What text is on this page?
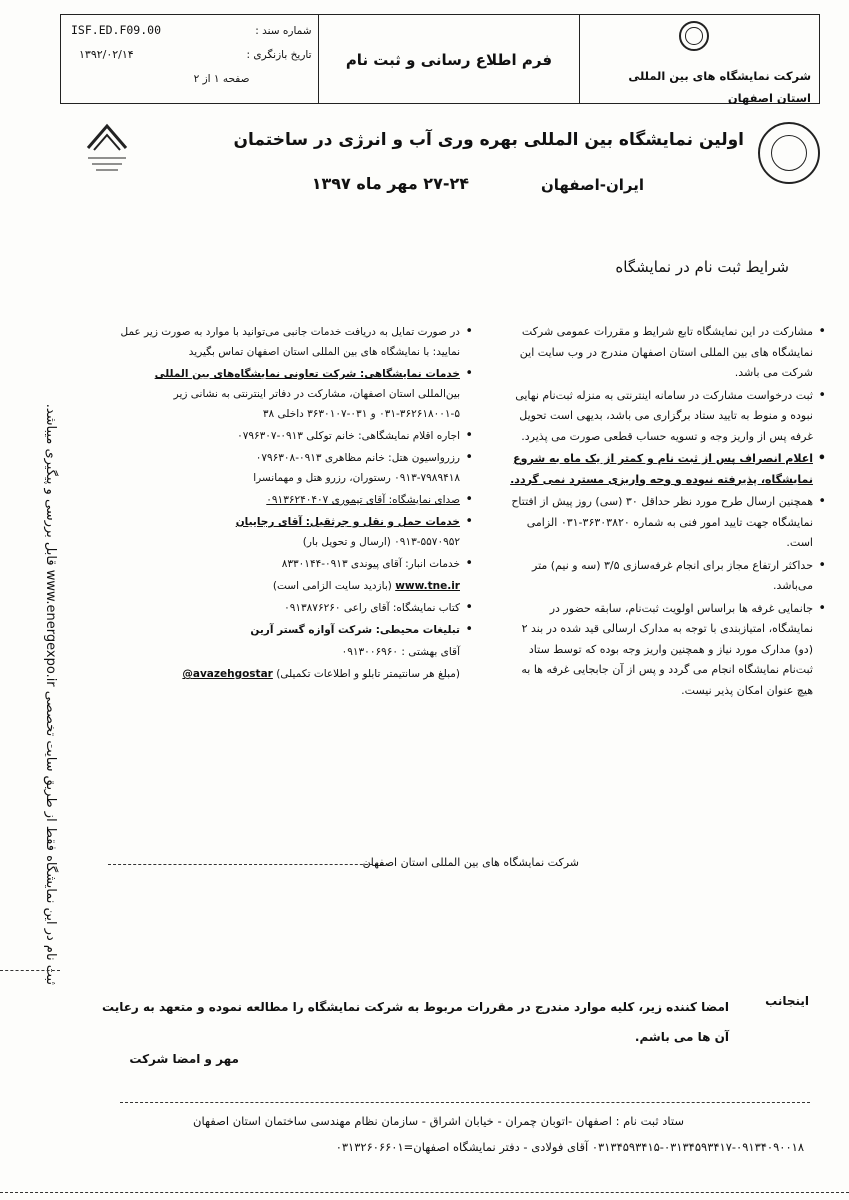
شماره سند :
ISF.ED.F09.00
تاریخ بازنگری :
۱۳۹۲/۰۲/۱۴
صفحه ۱ از ۲
	فرم اطلاع رسانی و ثبت نام	
شرکت نمایشگاه های بین المللی استان اصفهان
اولین نمایشگاه بین المللی بهره وری آب و انرژی در ساختمان
ایران-اصفهان
۲۷-۲۴ مهر ماه ۱۳۹۷
شرایط ثبت نام در نمایشگاه
• مشارکت در این نمایشگاه تابع شرایط و مقررات عمومی شرکت نمایشگاه های بین المللی استان اصفهان مندرج در وب سایت این شرکت می باشد.
• ثبت درخواست مشارکت در سامانه اینترنتی به منزله ثبت‌نام نهایی نبوده و منوط به تایید ستاد برگزاری می باشد، بدیهی است تحویل غرفه پس از واریز وجه و تسویه حساب قطعی صورت می پذیرد.
• اعلام انصراف پس از ثبت نام و کمتر از یک ماه به شروع نمایشگاه، پذیرفته نبوده و وجه واریزی مسترد نمی گردد.
• همچنین ارسال طرح مورد نظر حداقل ۳۰ (سی) روز پیش از افتتاح نمایشگاه جهت تایید امور فنی به شماره ۳۶۳۰۳۸۲۰-۰۳۱ الزامی است.
• حداکثر ارتفاع مجاز برای انجام غرفه‌سازی ۳/۵ (سه و نیم) متر می‌باشد.
• جانمایی غرفه ها براساس اولویت ثبت‌نام، سابقه حضور در نمایشگاه، امتیازبندی با توجه به مدارک ارسالی قید شده در بند ۲ (دو) مدارک مورد نیاز و همچنین واریز وجه بوده که توسط ستاد ثبت‌نام نمایشگاه انجام می گردد و پس از آن جابجایی غرفه ها به هیچ عنوان امکان پذیر نیست.
• در صورت تمایل به دریافت خدمات جانبی می‌توانید با موارد به صورت زیر عمل نمایید: با نمایشگاه های بین المللی استان اصفهان تماس بگیرید
• خدمات نمایشگاهی: شرکت تعاونی نمایشگاه‌های بین المللی
بین‌المللی استان اصفهان، مشارکت در دفاتر اینترنتی به نشانی زیر
۰۳۱-۳۶۲۶۱۸۰۰۱-۵ و ۰۳۱-۳۶۳۰۱۰۷ داخلی ۳۸
• اجاره اقلام نمایشگاهی: خانم توکلی ۰۹۱۳-۰۷۹۶۳۰۷
• رزرواسیون هتل: خانم مظاهری ۰۹۱۳-۰۷۹۶۳۰۸
۰۹۱۳-۷۹۸۹۴۱۸ رستوران، رزرو هتل و مهمانسرا
• صدای نمایشگاه: آقای تیموری ۰۹۱۳۶۲۴۰۴۰۷
• خدمات حمل و نقل و جرثقیل: آقای رجاییان
۰۹۱۳-۵۵۷۰۹۵۲ (ارسال و تحویل بار)
• خدمات انبار: آقای پیوندی ۰۹۱۳-۸۳۳۰۱۴۴
www.tne.ir (بازدید سایت الزامی است)
• کتاب نمایشگاه: آقای راعی ۰۹۱۳۸۷۶۲۶۰
• تبلیغات محیطی: شرکت آوازه گستر آرین
آقای بهشتی : ۰۹۱۳۰۰۶۹۶۰
(مبلغ هر سانتیمتر تابلو و اطلاعات تکمیلی) avazehgostar@
ثبت نام در این نمایشگاه فقط از طریق سایت تخصصی www.energexpo.ir قابل بررسی و پیگیری میباشد.	شرکت نمایشگاه های بین المللی استان اصفهان
اینجانب
امضا کننده زیر، کلیه موارد مندرج در مقررات مربوط به شرکت نمایشگاه را مطالعه نموده و متعهد به رعایت آن ها می باشم.
مهر و امضا شرکت
ستاد ثبت نام : اصفهان -اتوبان چمران - خیابان اشراق - سازمان نظام مهندسی ساختمان استان اصفهان
۰۳۱۳۴۵۹۳۴۱۵-۰۳۱۳۴۵۹۳۴۱۷-۰۹۱۳۴۰۹۰۰۱۸ آقای فولادی - دفتر نمایشگاه اصفهان=۰۳۱۳۲۶۰۶۶۰۱
